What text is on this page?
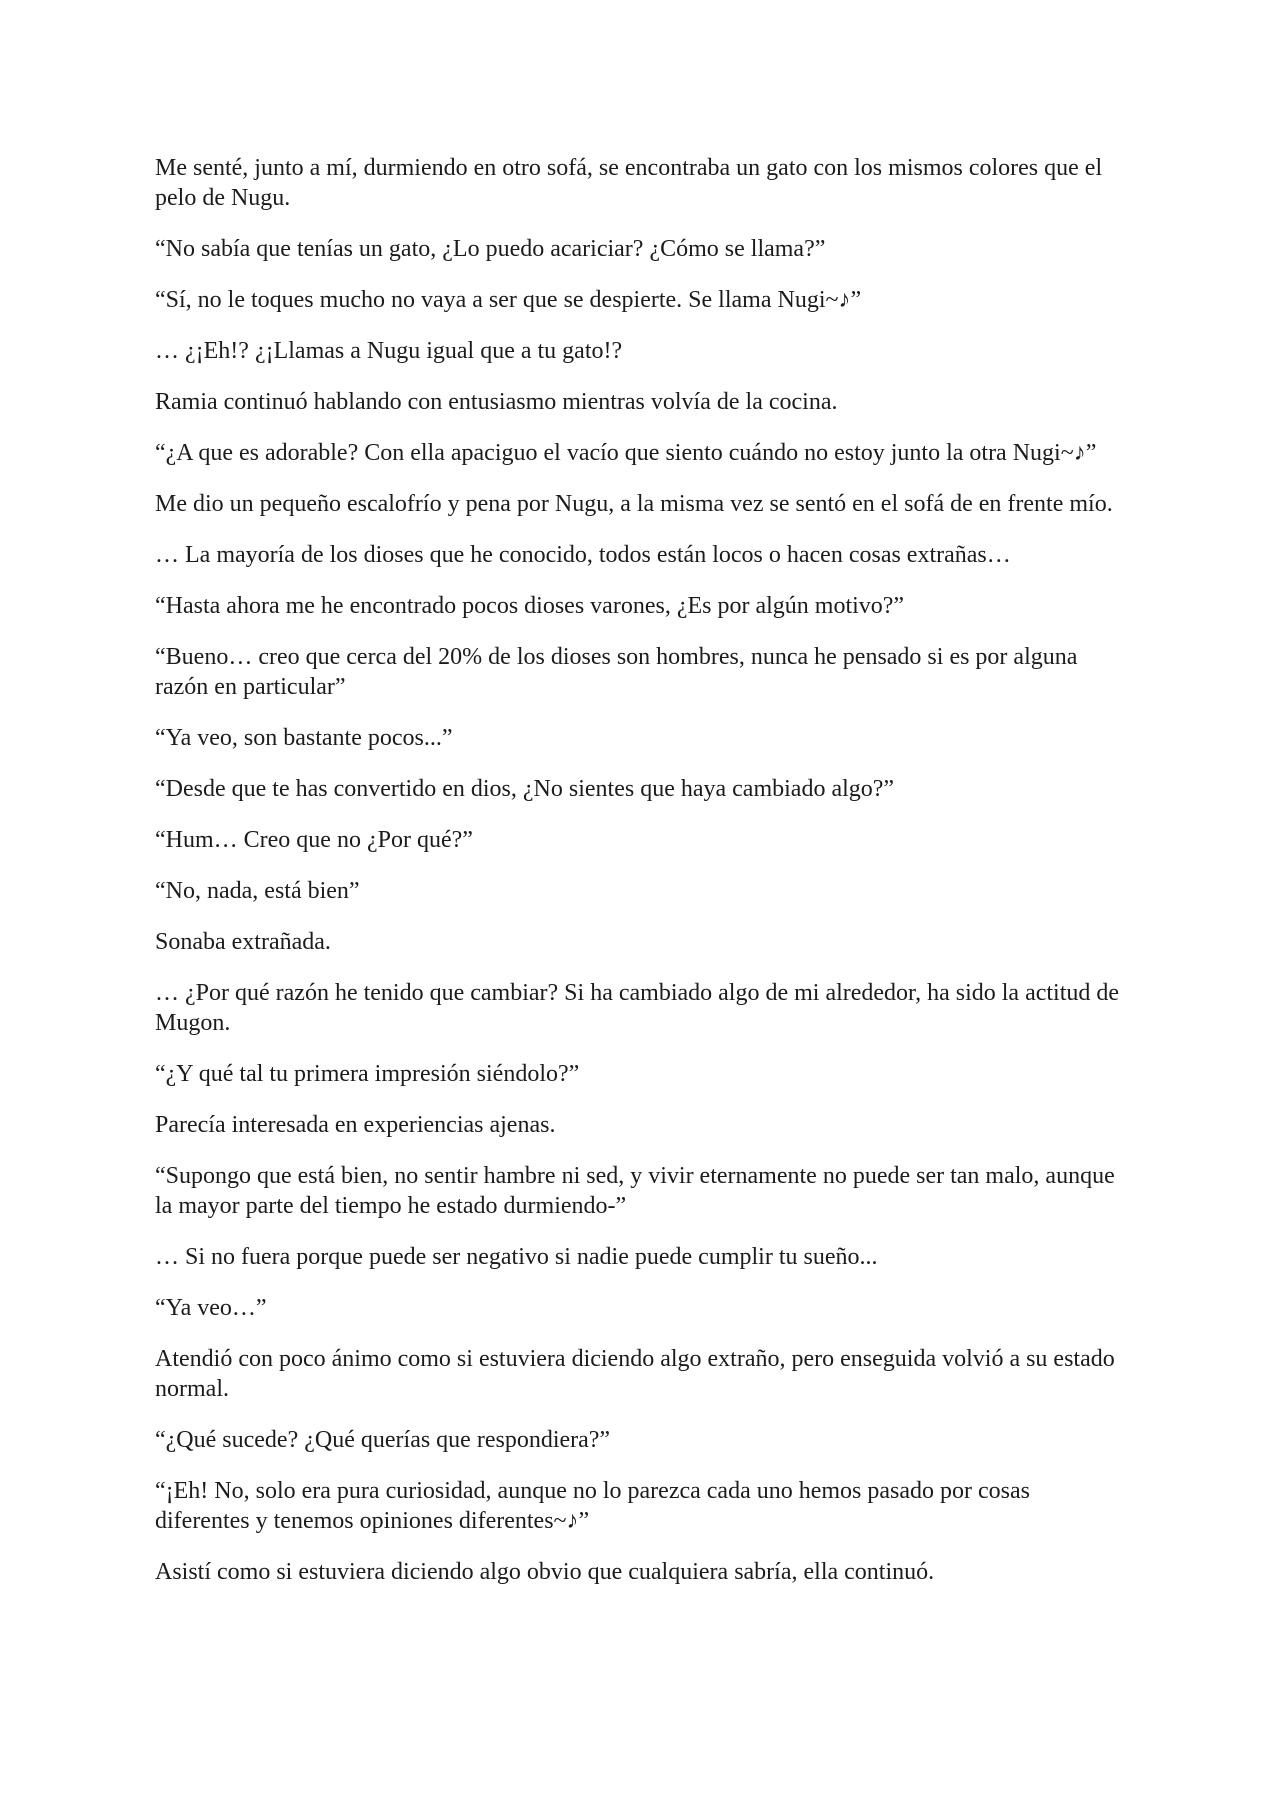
Me senté, junto a mí, durmiendo en otro sofá, se encontraba un gato con los mismos colores que el pelo de Nugu.

“No sabía que tenías un gato, ¿Lo puedo acariciar? ¿Cómo se llama?”

“Sí, no le toques mucho no vaya a ser que se despierte. Se llama Nugi~♪”

… ¿¡Eh!? ¿¡Llamas a Nugu igual que a tu gato!?

Ramia continuó hablando con entusiasmo mientras volvía de la cocina.

“¿A que es adorable? Con ella apaciguo el vacío que siento cuándo no estoy junto la otra Nugi~♪”

Me dio un pequeño escalofrío y pena por Nugu, a la misma vez se sentó en el sofá de en frente mío.

… La mayoría de los dioses que he conocido, todos están locos o hacen cosas extrañas…

“Hasta ahora me he encontrado pocos dioses varones, ¿Es por algún motivo?”

“Bueno… creo que cerca del 20% de los dioses son hombres, nunca he pensado si es por alguna razón en particular”

“Ya veo, son bastante pocos...”

“Desde que te has convertido en dios, ¿No sientes que haya cambiado algo?”

“Hum… Creo que no ¿Por qué?”

“No, nada, está bien”

Sonaba extrañada.

… ¿Por qué razón he tenido que cambiar? Si ha cambiado algo de mi alrededor, ha sido la actitud de Mugon.

“¿Y qué tal tu primera impresión siéndolo?”

Parecía interesada en experiencias ajenas.

“Supongo que está bien, no sentir hambre ni sed, y vivir eternamente no puede ser tan malo, aunque la mayor parte del tiempo he estado durmiendo-”

… Si no fuera porque puede ser negativo si nadie puede cumplir tu sueño...

“Ya veo…”

Atendió con poco ánimo como si estuviera diciendo algo extraño, pero enseguida volvió a su estado normal.

“¿Qué sucede? ¿Qué querías que respondiera?”

“¡Eh! No, solo era pura curiosidad, aunque no lo parezca cada uno hemos pasado por cosas diferentes y tenemos opiniones diferentes~♪”

Asistí como si estuviera diciendo algo obvio que cualquiera sabría, ella continuó.
